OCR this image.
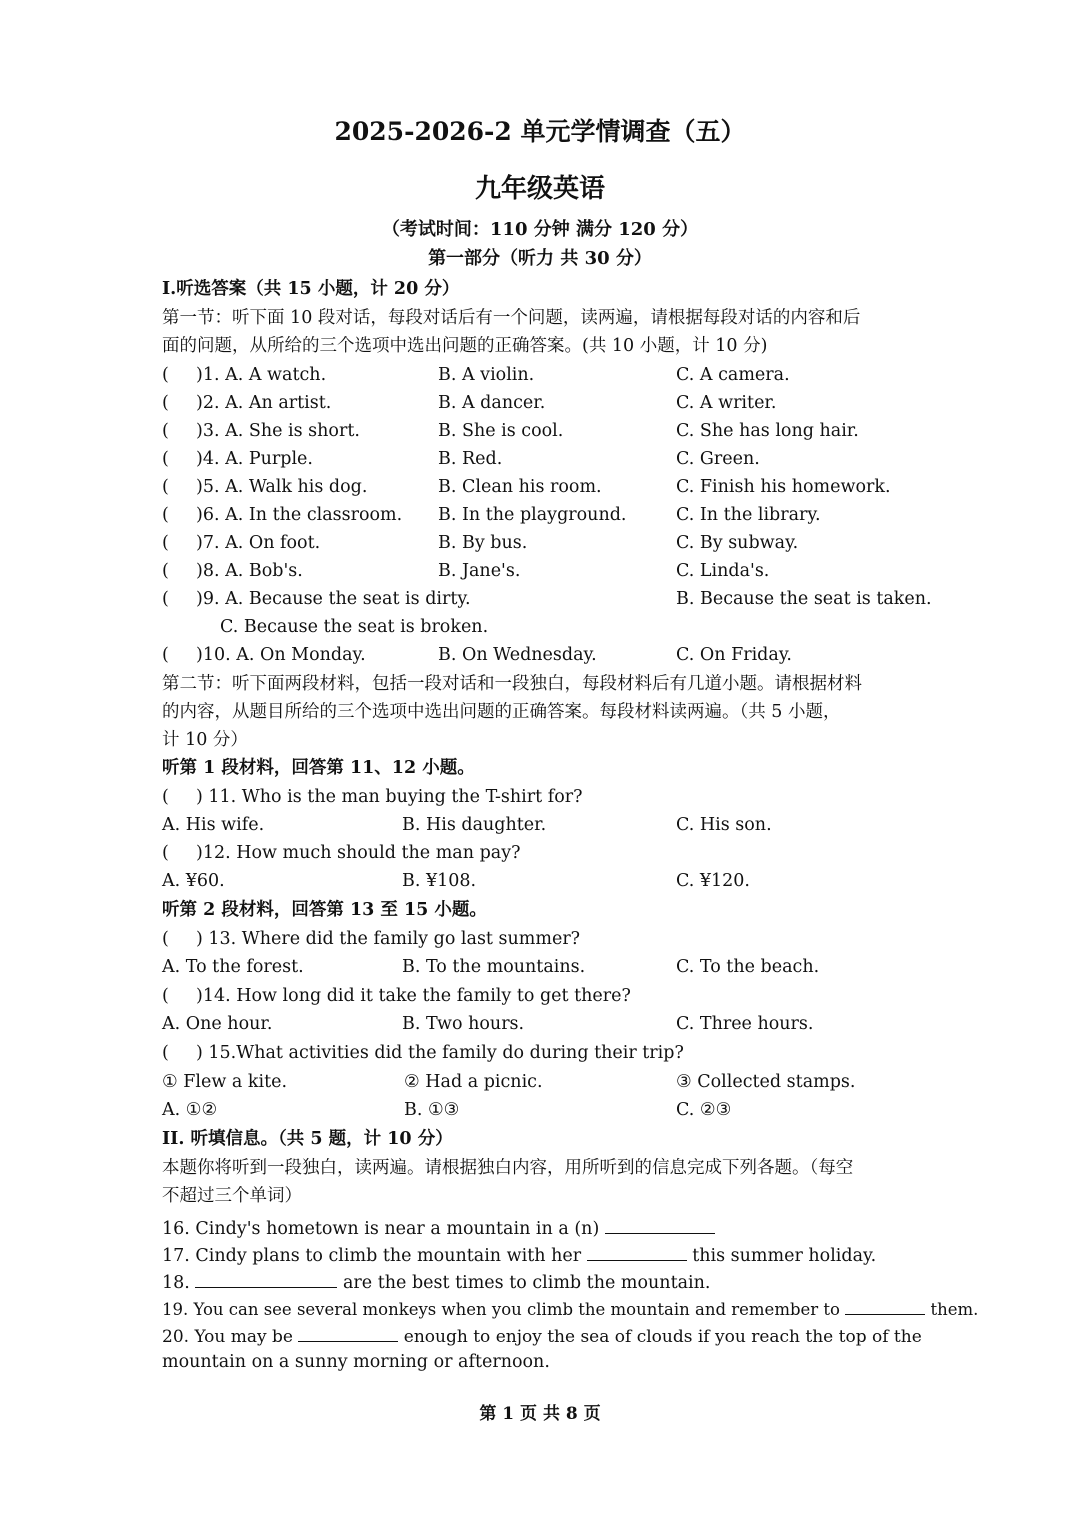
2025-2026-2 单元学情调查（五）
九年级英语
（考试时间：110 分钟 满分 120 分）
第一部分（听力 共 30 分）
I.听选答案（共 15 小题，计 20 分）
第一节：听下面 10 段对话，每段对话后有一个问题，读两遍，请根据每段对话的内容和后
面的问题，从所给的三个选项中选出问题的正确答案。(共 10 小题，计 10 分)
( )1. A. A watch.	B. A violin.	C. A camera.
( )2. A. An artist.	B. A dancer.	C. A writer.
( )3. A. She is short.	B. She is cool.	C. She has long hair.
( )4. A. Purple.	B. Red.	C. Green.
( )5. A. Walk his dog.	B. Clean his room.	C. Finish his homework.
( )6. A. In the classroom. B. In the playground.	C. In the library.
( )7. A. On foot.	B. By bus.	C. By subway.
( )8. A. Bob's.	B. Jane's.	C. Linda's.
( )9. A. Because the seat is dirty.	B. Because the seat is taken.
C. Because the seat is broken.
( )10. A. On Monday.	B. On Wednesday.	C. On Friday.
第二节：听下面两段材料，包括一段对话和一段独白，每段材料后有几道小题。请根据材料
的内容，从题目所给的三个选项中选出问题的正确答案。每段材料读两遍。（共 5 小题，
计 10 分）
听第 1 段材料，回答第 11、12 小题。
( ) 11. Who is the man buying the T-shirt for?
A. His wife.	B. His daughter.	C. His son.
( )12. How much should the man pay?
A. ¥60.	B. ¥108.	C. ¥120.
听第 2 段材料，回答第 13 至 15 小题。
( ) 13. Where did the family go last summer?
A. To the forest.	B. To the mountains.	C. To the beach.
( )14. How long did it take the family to get there?
A. One hour.	B. Two hours.	C. Three hours.
( ) 15.What activities did the family do during their trip?
① Flew a kite.	② Had a picnic.	③ Collected stamps.
A. ①②	B. ①③	C. ②③
II. 听填信息。（共 5 题，计 10 分）
本题你将听到一段独白，读两遍。请根据独白内容，用所听到的信息完成下列各题。（每空
不超过三个单词）
16. Cindy's hometown is near a mountain in a (n)
17. Cindy plans to climb the mountain with her	this summer holiday.
18.	are the best times to climb the mountain.
19. You can see several monkeys when you climb the mountain and remember to	them.
20. You may be	enough to enjoy the sea of clouds if you reach the top of the
mountain on a sunny morning or afternoon.
第 1 页 共 8 页
